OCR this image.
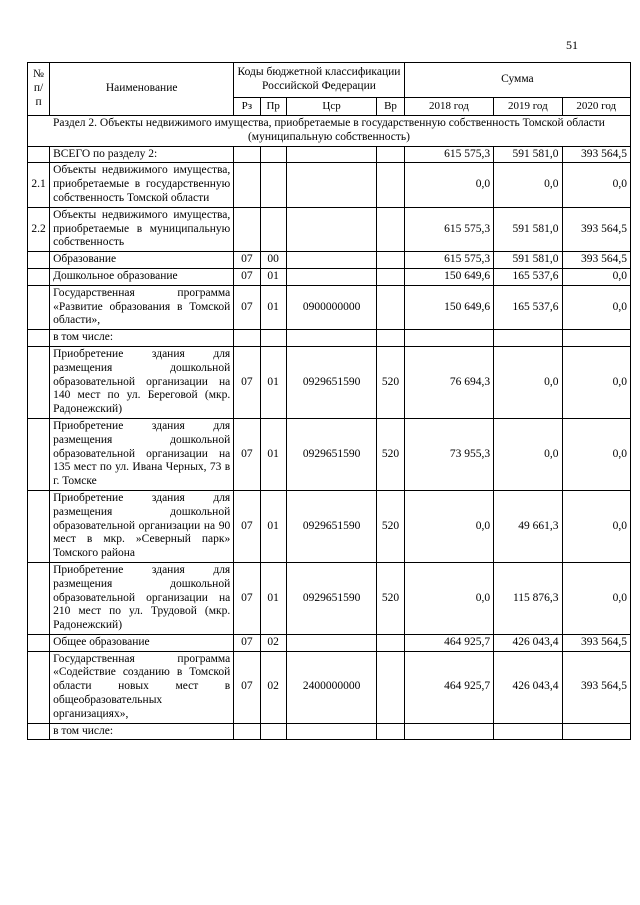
51
№ п/п	Наименование	Коды бюджетной классификации Российской Федерации				Сумма		
		Рз	Пр	Цср	Вр	2018 год	2019 год	2020 год
Раздел 2. Объекты недвижимого имущества, приобретаемые в государственную собственность Томской области (муниципальную собственность)								
	ВСЕГО по разделу 2:					615 575,3	591 581,0	393 564,5
2.1	Объекты недвижимого имущества, приобретаемые в государственную собственность Томской области					0,0	0,0	0,0
2.2	Объекты недвижимого имущества, приобретаемые в муниципальную собственность					615 575,3	591 581,0	393 564,5
	Образование	07	00			615 575,3	591 581,0	393 564,5
	Дошкольное образование	07	01			150 649,6	165 537,6	0,0
	Государственная программа «Развитие образования в Томской области»,	07	01	0900000000		150 649,6	165 537,6	0,0
	в том числе:							
	Приобретение здания для размещения дошкольной образовательной организации на 140 мест по ул. Береговой (мкр. Радонежский)	07	01	0929651590	520	76 694,3	0,0	0,0
	Приобретение здания для размещения дошкольной образовательной организации на 135 мест по ул. Ивана Черных, 73 в г. Томске	07	01	0929651590	520	73 955,3	0,0	0,0
	Приобретение здания для размещения дошкольной образовательной организации на 90 мест в мкр. »Северный парк» Томского района	07	01	0929651590	520	0,0	49 661,3	0,0
	Приобретение здания для размещения дошкольной образовательной организации на 210 мест по ул. Трудовой (мкр. Радонежский)	07	01	0929651590	520	0,0	115 876,3	0,0
	Общее образование	07	02			464 925,7	426 043,4	393 564,5
	Государственная программа «Содействие созданию в Томской области новых мест в общеобразовательных организациях»,	07	02	2400000000		464 925,7	426 043,4	393 564,5
	в том числе:							
